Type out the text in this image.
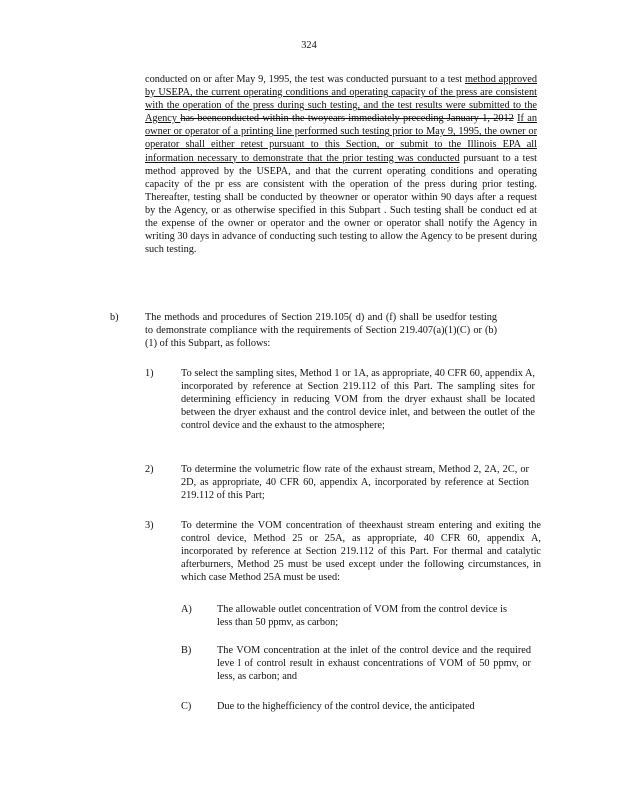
324
conducted on or after May 9, 1995, the test was conducted pursuant to a test method approved by USEPA, the current operating conditions and operating capacity of the press are consistent with the operation of the press during such testing, and the test results were submitted to the Agency has beenconducted within the twoyears immediately preceding January 1, 2012 If an owner or operator of a printing line performed such testing prior to May 9, 1995, the owner or operator shall either retest pursuant to this Section, or submit to the Illinois EPA all information necessary to demonstrate that the prior testing was conducted pursuant to a test method approved by the USEPA, and that the current operating conditions and operating capacity of the pr ess are consistent with the operation of the press during prior testing. Thereafter, testing shall be conducted by theowner or operator within 90 days after a request by the Agency, or as otherwise specified in this Subpart . Such testing shall be conduct ed at the expense of the owner or operator and the owner or operator shall notify the Agency in writing 30 days in advance of conducting such testing to allow the Agency to be present during such testing.
b)	The methods and procedures of Section 219.105( d) and (f) shall be usedfor testing to demonstrate compliance with the requirements of Section 219.407(a)(1)(C) or (b)(1) of this Subpart, as follows:
1)	To select the sampling sites, Method 1 or 1A, as appropriate, 40 CFR 60, appendix A, incorporated by reference at Section 219.112 of this Part. The sampling sites for determining efficiency in reducing VOM from the dryer exhaust shall be located between the dryer exhaust and the control device inlet, and between the outlet of the control device and the exhaust to the atmosphere;
2)	To determine the volumetric flow rate of the exhaust stream, Method 2, 2A, 2C, or 2D, as appropriate, 40 CFR 60, appendix A, incorporated by reference at Section 219.112 of this Part;
3)	To determine the VOM concentration of theexhaust stream entering and exiting the control device, Method 25 or 25A, as appropriate, 40 CFR 60, appendix A, incorporated by reference at Section 219.112 of this Part. For thermal and catalytic afterburners, Method 25 must be used except under the following circumstances, in which case Method 25A must be used:
A) The allowable outlet concentration of VOM from the control device is less than 50 ppmv, as carbon;
B) The VOM concentration at the inlet of the control device and the required leve l of control result in exhaust concentrations of VOM of 50 ppmv, or less, as carbon; and
C) Due to the highefficiency of the control device, the anticipated
